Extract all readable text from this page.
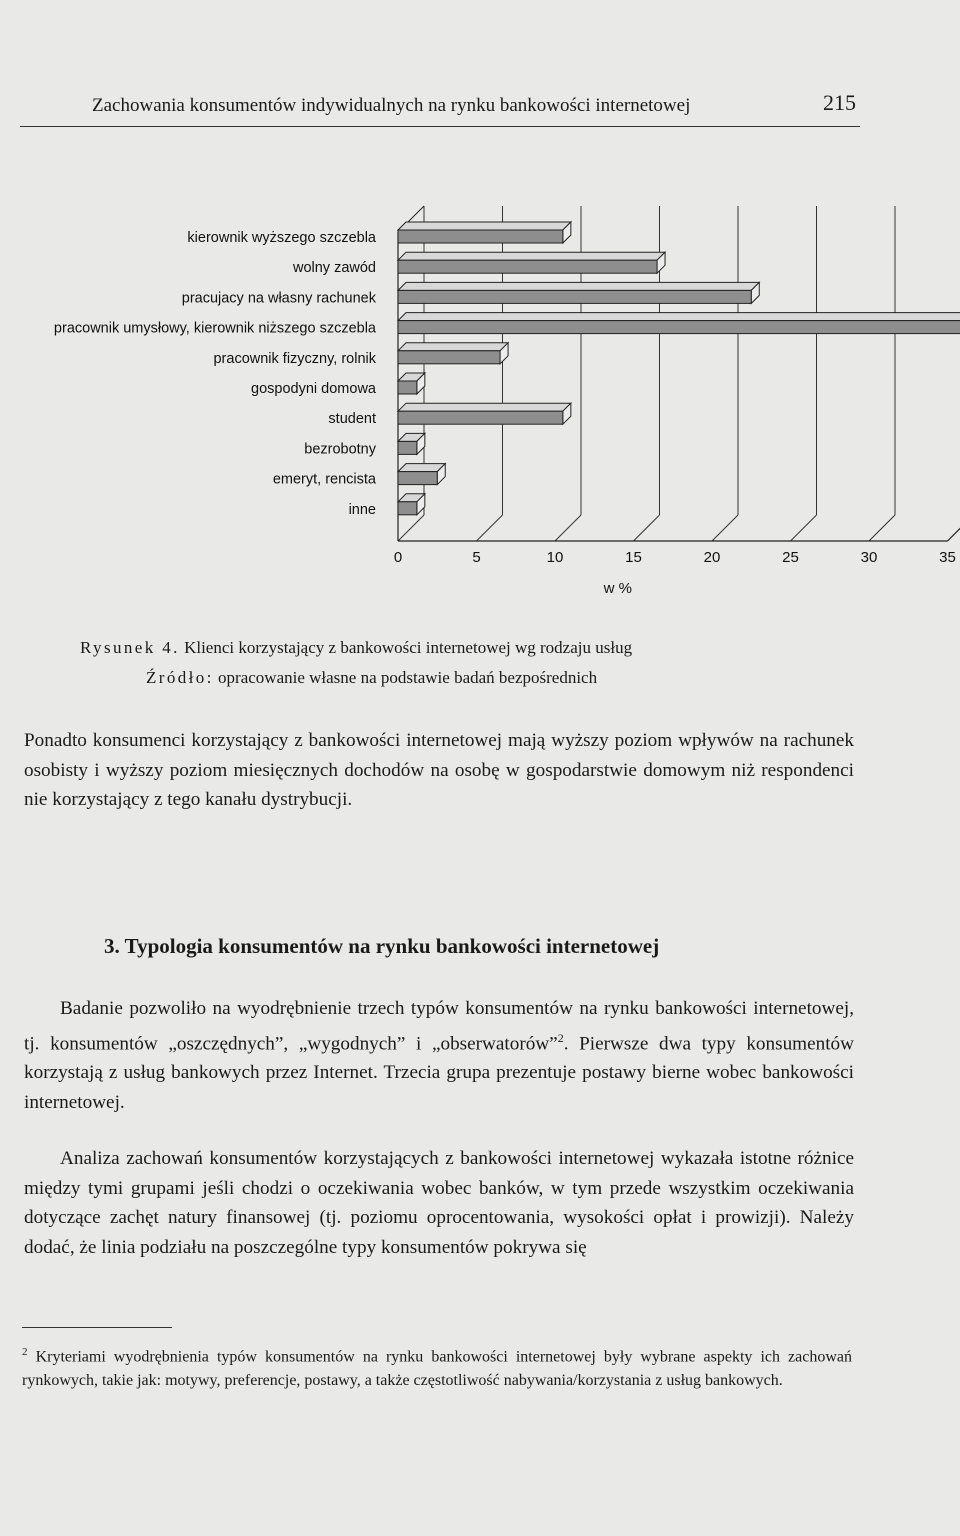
Zachowania konsumentów indywidualnych na rynku bankowości internetowej	215
kierownik wyższego szczebla
wolny zawód
pracujacy na własny rachunek
pracownik umysłowy, kierownik niższego szczebla
pracownik fizyczny, rolnik
gospodyni domowa
student
bezrobotny
emeryt, rencista
inne
0	5	10	15	20	25	30	35
w %
Rysunek 4. Klienci korzystający z bankowości internetowej wg rodzaju usług
Źródło: opracowanie własne na podstawie badań bezpośrednich
Ponadto konsumenci korzystający z bankowości internetowej mają wyższy poziom wpływów na rachunek osobisty i wyższy poziom miesięcznych dochodów na osobę w gospodarstwie domowym niż respondenci nie korzystający z tego kanału dystrybucji.
3. Typologia konsumentów na rynku bankowości internetowej
Badanie pozwoliło na wyodrębnienie trzech typów konsumentów na rynku bankowości internetowej, tj. konsumentów „oszczędnych”, „wygodnych” i „obserwatorów”$^2$. Pierwsze dwa typy konsumentów korzystają z usług bankowych przez Internet. Trzecia grupa prezentuje postawy bierne wobec bankowości internetowej.
Analiza zachowań konsumentów korzystających z bankowości internetowej wykazała istotne różnice między tymi grupami jeśli chodzi o oczekiwania wobec banków, w tym przede wszystkim oczekiwania dotyczące zachęt natury finansowej (tj. poziomu oprocentowania, wysokości opłat i prowizji). Należy dodać, że linia podziału na poszczególne typy konsumentów pokrywa się
$^2$ Kryteriami wyodrębnienia typów konsumentów na rynku bankowości internetowej były wybrane aspekty ich zachowań rynkowych, takie jak: motywy, preferencje, postawy, a także częstotliwość nabywania/korzystania z usług bankowych.
